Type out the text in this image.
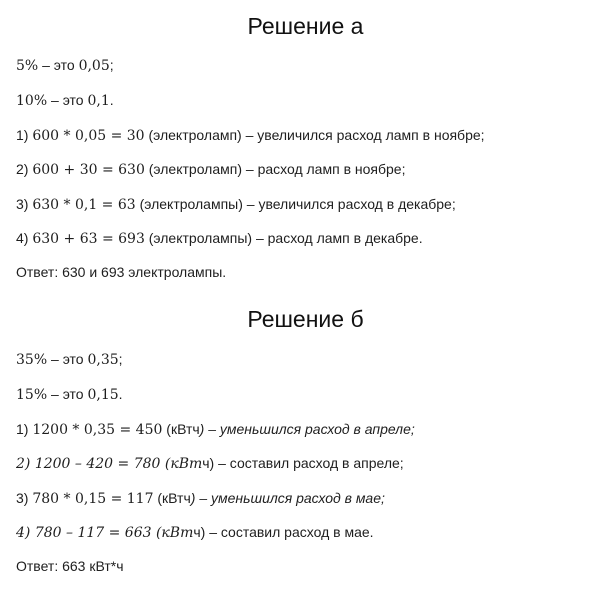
Решение а

5% – это 0,05;

10% – это 0,1.

1) 600 * 0,05 = 30 (электроламп) – увеличился расход ламп в ноябре;

2) 600 + 30 = 630 (электроламп) – расход ламп в ноябре;

3) 630 * 0,1 = 63 (электролампы) – увеличился расход в декабре;

4) 630 + 63 = 693 (электролампы) – расход ламп в декабре.

Ответ: 630 и 693 электролампы.

Решение б

35% – это 0,35;

15% – это 0,15.

1) 1200 * 0,35 = 450 (кВтч) – уменьшился расход в апреле;

2) 1200 – 420 = 780 (кВтч) – составил расход в апреле;

3) 780 * 0,15 = 117 (кВтч) – уменьшился расход в мае;

4) 780 – 117 = 663 (кВтч) – составил расход в мае.

Ответ: 663 кВт*ч
